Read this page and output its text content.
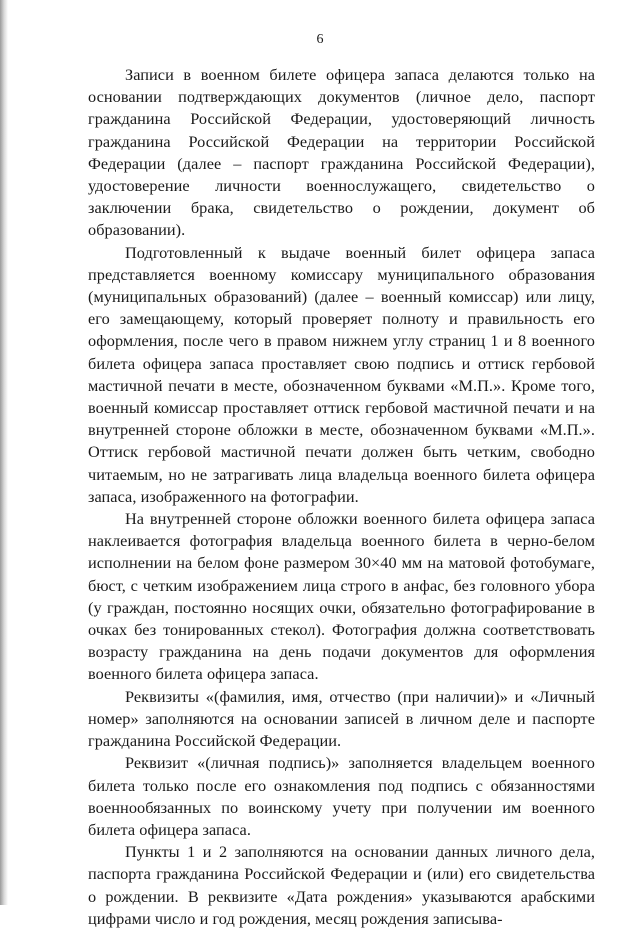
6

Записи в военном билете офицера запаса делаются только на основании подтверждающих документов (личное дело, паспорт гражданина Российской Федерации, удостоверяющий личность гражданина Российской Федерации на территории Российской Федерации (далее – паспорт гражданина Российской Федерации), удостоверение личности военнослужащего, свидетельство о заключении брака, свидетельство о рождении, документ об образовании).

Подготовленный к выдаче военный билет офицера запаса представляется военному комиссару муниципального образования (муниципальных образований) (далее – военный комиссар) или лицу, его замещающему, который проверяет полноту и правильность его оформления, после чего в правом нижнем углу страниц 1 и 8 военного билета офицера запаса проставляет свою подпись и оттиск гербовой мастичной печати в месте, обозначенном буквами «М.П.». Кроме того, военный комиссар проставляет оттиск гербовой мастичной печати и на внутренней стороне обложки в месте, обозначенном буквами «М.П.». Оттиск гербовой мастичной печати должен быть четким, свободно читаемым, но не затрагивать лица владельца военного билета офицера запаса, изображенного на фотографии.

На внутренней стороне обложки военного билета офицера запаса наклеивается фотография владельца военного билета в черно-белом исполнении на белом фоне размером 30×40 мм на матовой фотобумаге, бюст, с четким изображением лица строго в анфас, без головного убора (у граждан, постоянно носящих очки, обязательно фотографирование в очках без тонированных стекол). Фотография должна соответствовать возрасту гражданина на день подачи документов для оформления военного билета офицера запаса.

Реквизиты «(фамилия, имя, отчество (при наличии)» и «Личный номер» заполняются на основании записей в личном деле и паспорте гражданина Российской Федерации.

Реквизит «(личная подпись)» заполняется владельцем военного билета только после его ознакомления под подпись с обязанностями военнообязанных по воинскому учету при получении им военного билета офицера запаса.

Пункты 1 и 2 заполняются на основании данных личного дела, паспорта гражданина Российской Федерации и (или) его свидетельства о рождении. В реквизите «Дата рождения» указываются арабскими цифрами число и год рождения, месяц рождения записыва-
